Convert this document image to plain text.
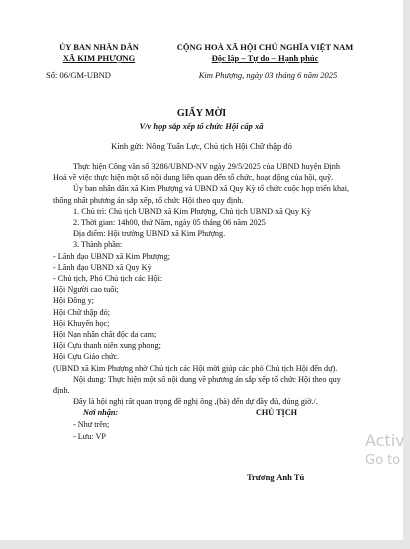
ỦY BAN NHÂN DÂN
XÃ KIM PHƯỢNG
Số: 06/GM-UBND
CỘNG HOÀ XÃ HỘI CHỦ NGHĨA VIỆT NAM
Độc lập – Tự do – Hạnh phúc
Kim Phượng, ngày 03 tháng 6 năm 2025
GIẤY MỜI
V/v họp sắp xếp tổ chức Hội cấp xã
Kính gửi: Nông Tuấn Lực, Chủ tịch Hội Chữ thập đỏ

Thực hiện Công văn số 3286/UBND-NV ngày 29/5/2025 của UBND huyện Định Hoá về việc thực hiện một số nội dung liên quan đến tổ chức, hoạt động của hội, quỹ.

Ủy ban nhân dân xã Kim Phượng và UBND xã Quy Kỳ tổ chức cuộc họp triển khai, thống nhất phương án sắp xếp, tổ chức Hội theo quy định.

1. Chủ trì: Chủ tịch UBND xã Kim Phượng, Chủ tịch UBND xã Quy Kỳ

2. Thời gian: 14h00, thứ Năm, ngày 05 tháng 06 năm 2025

Địa điểm: Hội trường UBND xã Kim Phượng.

3. Thành phần:

- Lãnh đạo UBND xã Kim Phượng;

- Lãnh đạo UBND xã Quy Kỳ

- Chủ tịch, Phó Chủ tịch các Hội:

Hội Người cao tuổi;

Hội Đông y;

Hội Chữ thập đỏ;

Hội Khuyến học;

Hội Nạn nhân chất độc da cam;

Hội Cựu thanh niên xung phong;

Hội Cựu Giáo chức.

(UBND xã Kim Phượng nhờ Chủ tịch các Hội mời giúp các phó Chủ tịch Hội đến dự).

Nội dung: Thực hiện một số nội dung về phương án sắp xếp tổ chức Hội theo quy định.

Đây là hội nghị rất quan trọng đề nghị ông ,(bà) đến dự đầy đủ, đúng giờ./.

Nơi nhận:	CHỦ TỊCH

- Như trên;

- Lưu: VP

Trương Anh Tú
Activ
Go to
